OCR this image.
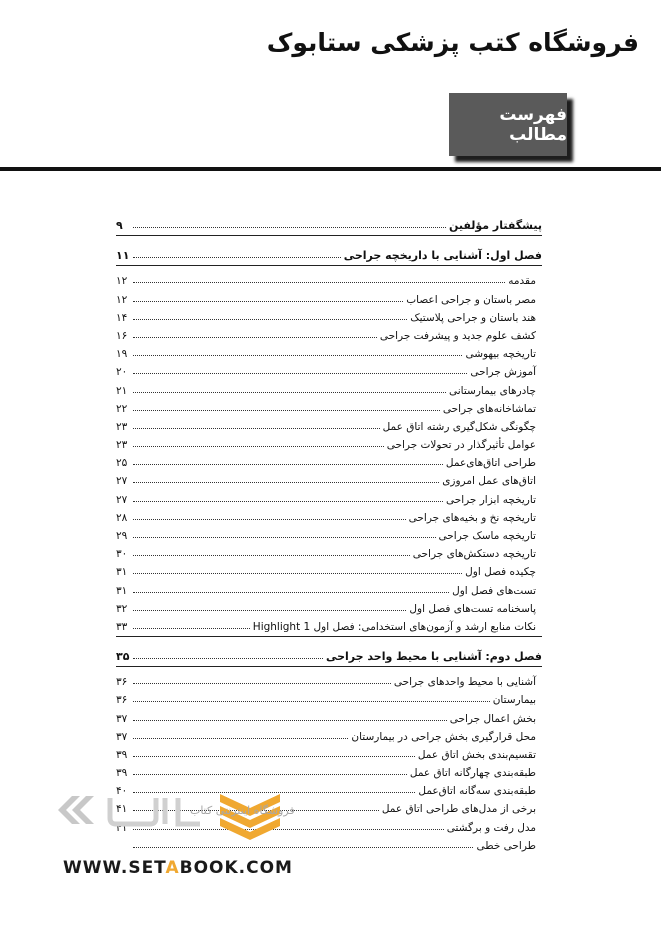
فروشگاه کتب پزشکی ستابوک
فهرست مطالب
پیشگفتار مؤلفین
۹
فصل اول: آشنایی با داریخچه جراحی
۱۱
مقدمه
۱۲
مصر باستان و جراحی اعصاب
۱۲
هند باستان و جراحی پلاستیک
۱۴
کشف علوم جدید و پیشرفت جراحی
۱۶
تاریخچه بیهوشی
۱۹
آموزش جراحی
۲۰
چادرهای بیمارستانی
۲۱
تماشاخانه‌های جراحی
۲۲
چگونگی شکل‌گیری رشته اتاق عمل
۲۳
عوامل تأثیرگذار در تحولات جراحی
۲۳
طراحی اتاق‌های‌عمل
۲۵
اتاق‌های عمل امروزی
۲۷
تاریخچه ابزار جراحی
۲۷
تاریخچه نخ و بخیه‌های جراحی
۲۸
تاریخچه ماسک جراحی
۲۹
تاریخچه دستکش‌های جراحی
۳۰
چکیده فصل اول
۳۱
تست‌های فصل اول
۳۱
پاسخنامه تست‌های فصل اول
۳۲
نکات منابع ارشد و آزمون‌های استخدامی: فصل اول Highlight 1
۳۳
فصل دوم: آشنایی با محیط واحد جراحی
۳۵
آشنایی با محیط واحدهای جراحی
۳۶
بیمارستان
۳۶
بخش اعمال جراحی
۳۷
محل قرارگیری بخش جراحی در بیمارستان
۳۷
تقسیم‌بندی بخش اتاق عمل
۳۹
طبقه‌بندی چهارگانه اتاق عمل
۳۹
طبقه‌بندی سه‌گانه اتاق‌عمل
۴۰
برخی از مدل‌های طراحی اتاق عمل
۴۱
مدل رفت و برگشتی
۴۱
طراحی خطی
فروشگاه اینترنتی کتاب
WWW.SETABOOK.COM
